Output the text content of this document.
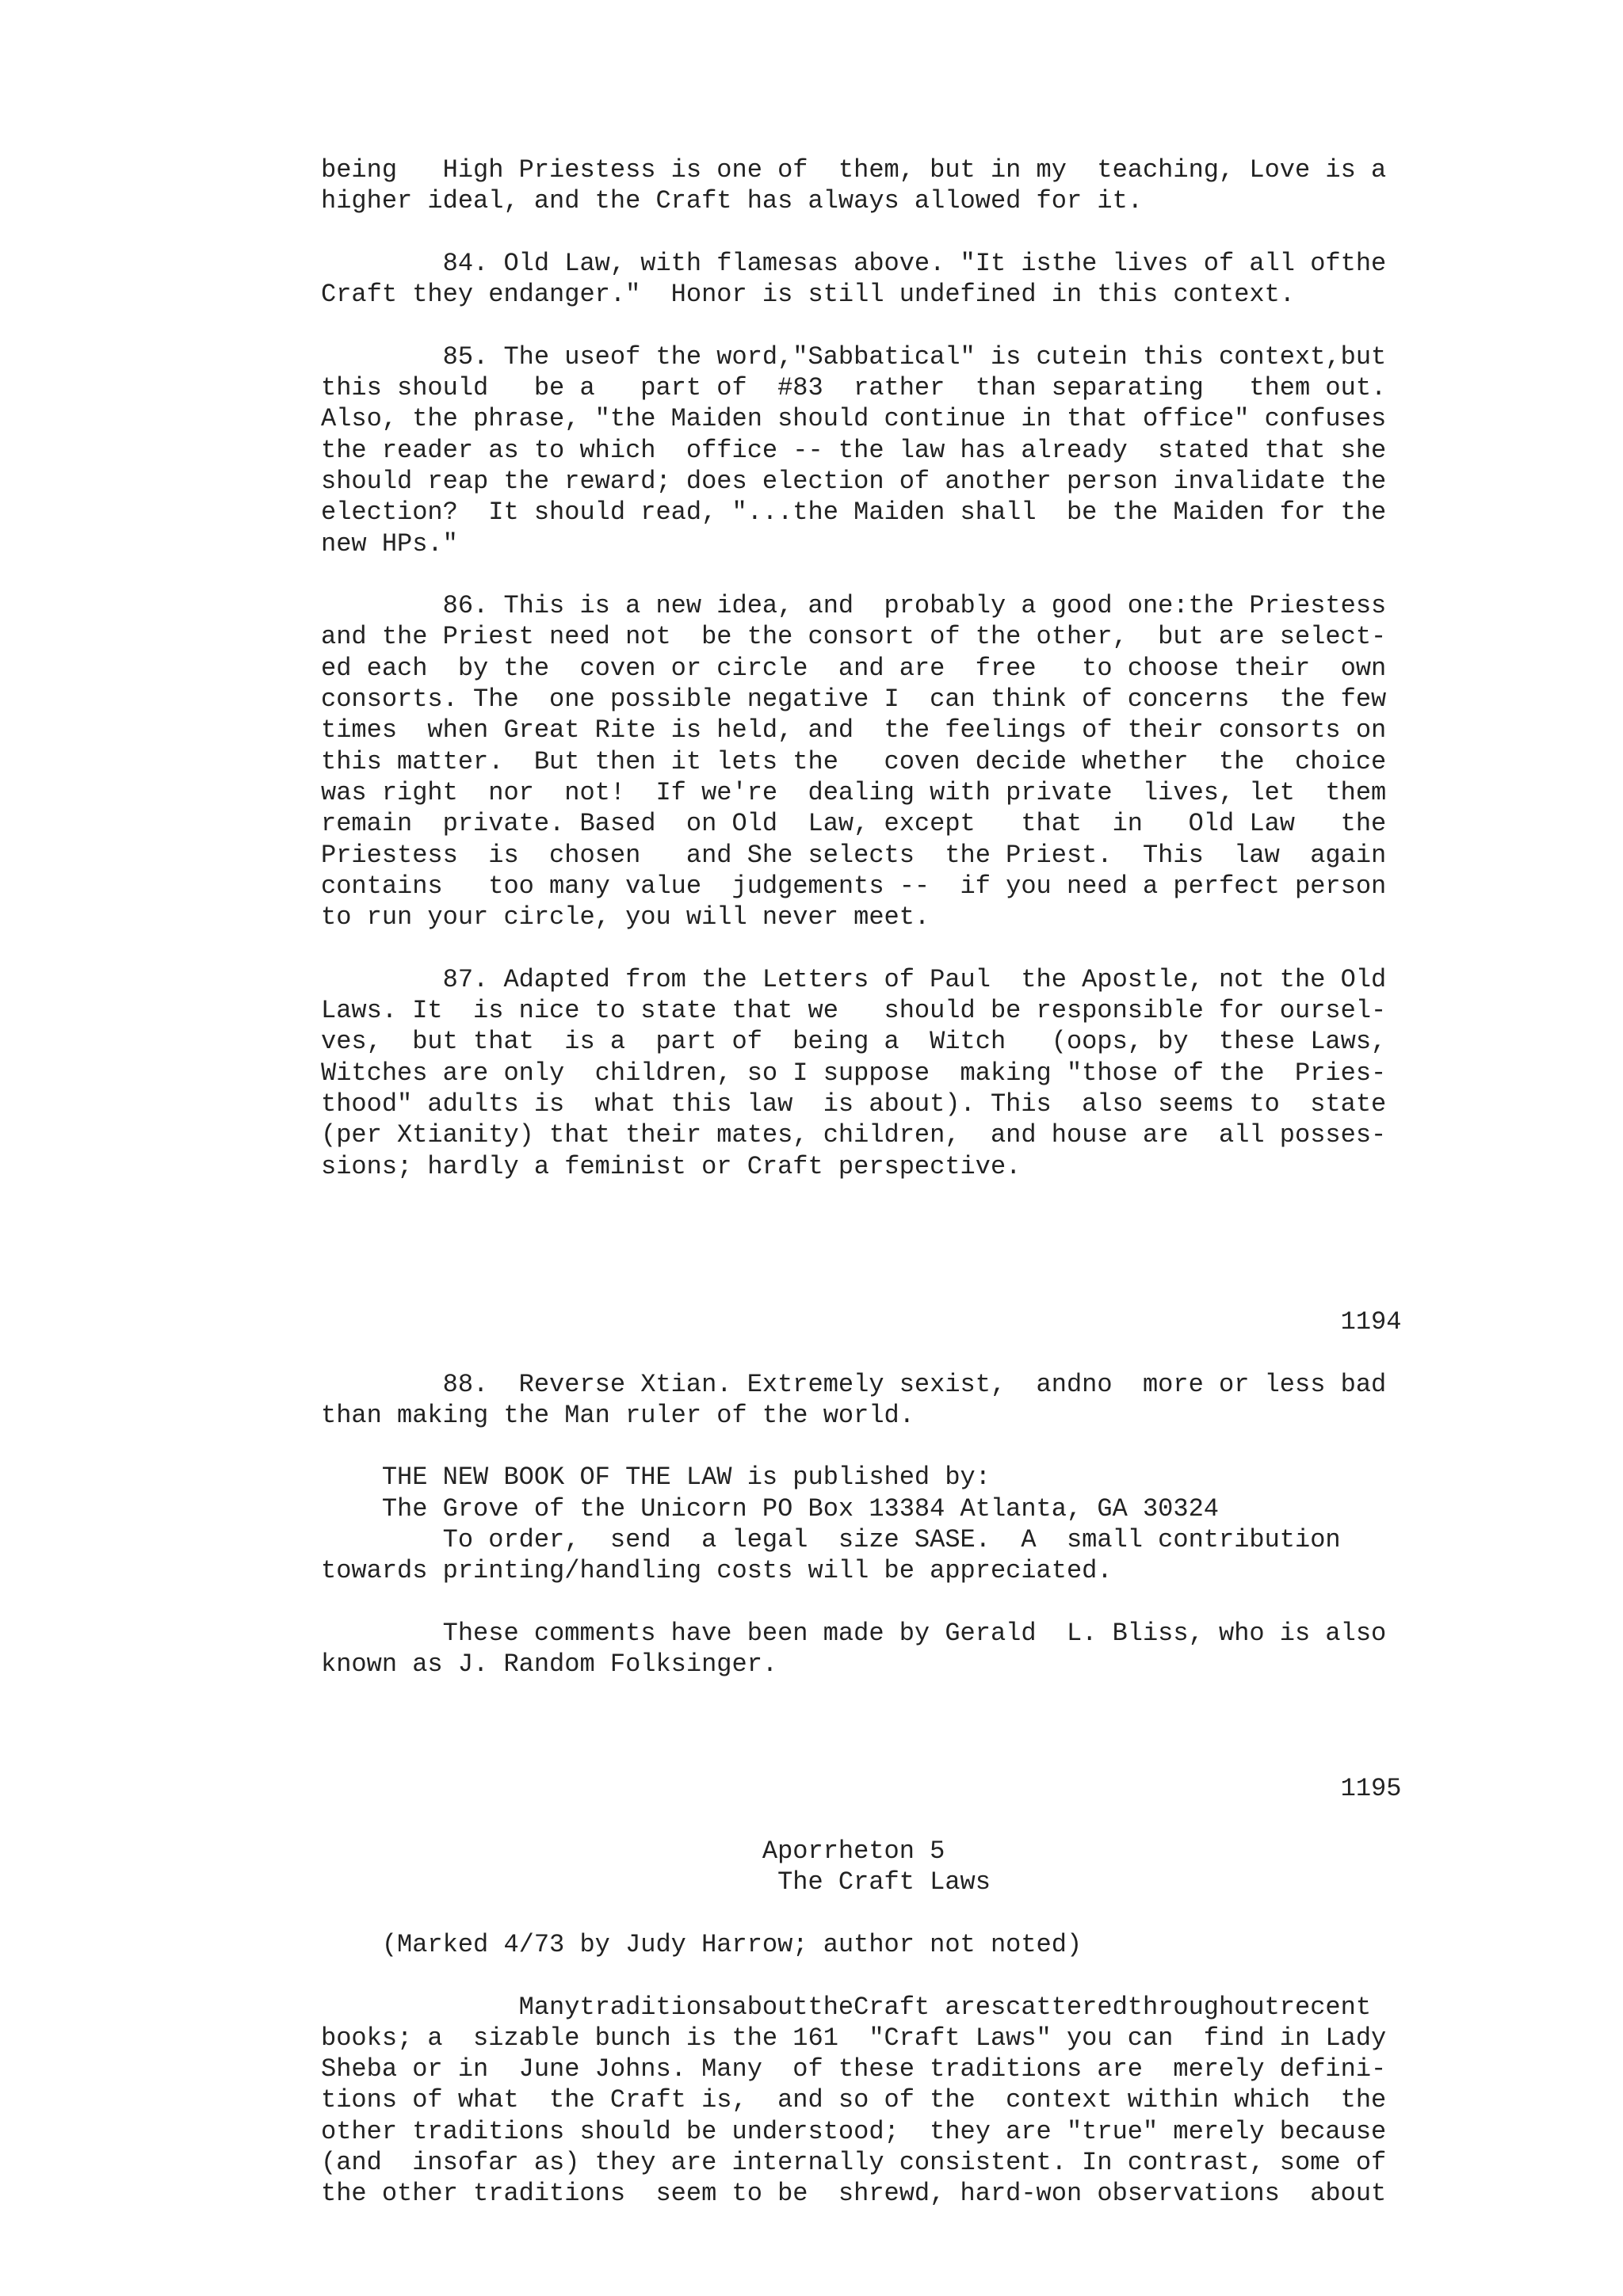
being   High Priestess is one of  them, but in my  teaching, Love is a
higher ideal, and the Craft has always allowed for it.
84. Old Law, with flamesas above. "It isthe lives of all ofthe
Craft they endanger."  Honor is still undefined in this context.
85. The useof the word,"Sabbatical" is cutein this context,but
this should   be a   part of  #83  rather  than separating   them out.
Also, the phrase, "the Maiden should continue in that office" confuses
the reader as to which  office -- the law has already  stated that she
should reap the reward; does election of another person invalidate the
election?  It should read, "...the Maiden shall  be the Maiden for the
new HPs."
86. This is a new idea, and  probably a good one:the Priestess
and the Priest need not  be the consort of the other,  but are select-
ed each  by the  coven or circle  and are  free   to choose their  own
consorts. The  one possible negative I  can think of concerns  the few
times  when Great Rite is held, and  the feelings of their consorts on
this matter.  But then it lets the   coven decide whether  the  choice
was right  nor  not!  If we're  dealing with private  lives, let  them
remain  private. Based  on Old  Law, except   that  in   Old Law   the
Priestess  is  chosen   and She selects  the Priest.  This  law  again
contains   too many value  judgements --  if you need a perfect person
to run your circle, you will never meet.
87. Adapted from the Letters of Paul  the Apostle, not the Old
Laws. It  is nice to state that we   should be responsible for oursel-
ves,  but that  is a  part of  being a  Witch   (oops, by  these Laws,
Witches are only  children, so I suppose  making "those of the  Pries-
thood" adults is  what this law  is about). This  also seems to  state
(per Xtianity) that their mates, children,  and house are  all posses-
sions; hardly a feminist or Craft perspective.
1194
88.  Reverse Xtian. Extremely sexist,  andno  more or less bad
than making the Man ruler of the world.
THE NEW BOOK OF THE LAW is published by:
The Grove of the Unicorn PO Box 13384 Atlanta, GA 30324
To order,  send  a legal  size SASE.  A  small contribution
towards printing/handling costs will be appreciated.
These comments have been made by Gerald  L. Bliss, who is also
known as J. Random Folksinger.
1195
Aporrheton 5
The Craft Laws
(Marked 4/73 by Judy Harrow; author not noted)
ManytraditionsabouttheCraft arescatteredthroughoutrecent
books; a  sizable bunch is the 161  "Craft Laws" you can  find in Lady
Sheba or in  June Johns. Many  of these traditions are  merely defini-
tions of what  the Craft is,  and so of the  context within which  the
other traditions should be understood;  they are "true" merely because
(and  insofar as) they are internally consistent. In contrast, some of
the other traditions  seem to be  shrewd, hard-won observations  about
